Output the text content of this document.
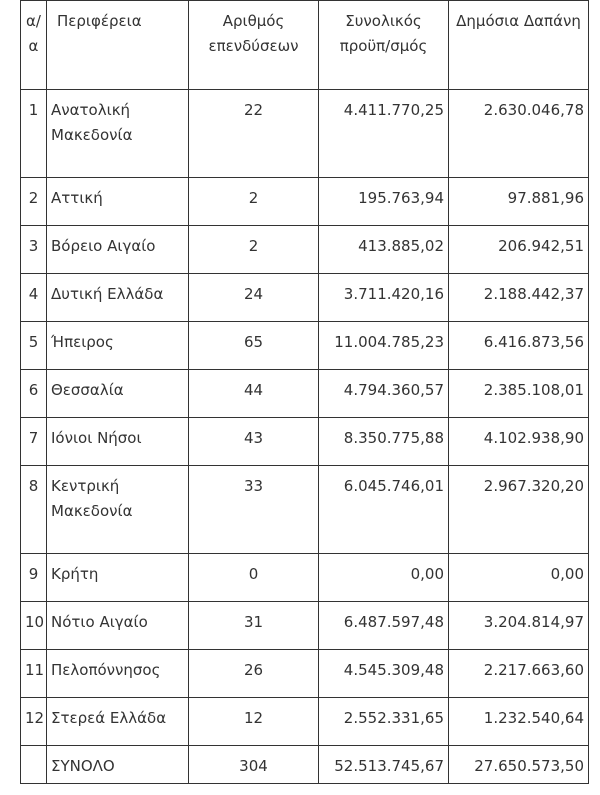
α/α	Περιφέρεια	Αριθμός επενδύσεων	Συνολικός προϋπ/σμός	Δημόσια Δαπάνη
1	Ανατολική Μακεδονία	22	4.411.770,25	2.630.046,78
2	Αττική	2	195.763,94	97.881,96
3	Βόρειο Αιγαίο	2	413.885,02	206.942,51
4	Δυτική Ελλάδα	24	3.711.420,16	2.188.442,37
5	Ήπειρος	65	11.004.785,23	6.416.873,56
6	Θεσσαλία	44	4.794.360,57	2.385.108,01
7	Ιόνιοι Νήσοι	43	8.350.775,88	4.102.938,90
8	Κεντρική Μακεδονία	33	6.045.746,01	2.967.320,20
9	Κρήτη	0	0,00	0,00
10	Νότιο Αιγαίο	31	6.487.597,48	3.204.814,97
11	Πελοπόννησος	26	4.545.309,48	2.217.663,60
12	Στερεά Ελλάδα	12	2.552.331,65	1.232.540,64
	ΣΥΝΟΛΟ	304	52.513.745,67	27.650.573,50
